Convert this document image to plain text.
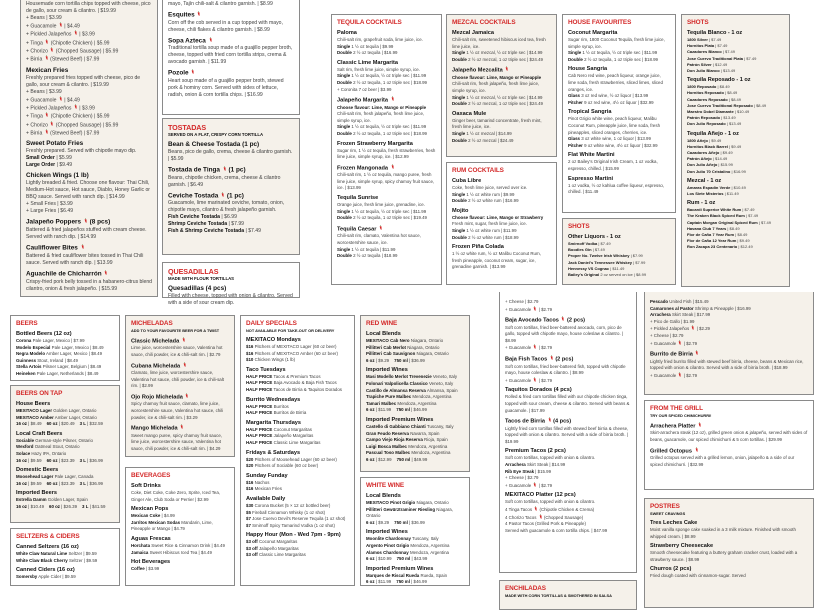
Housemade corn tortilla chips topped with cheese, pico de gallo, sour cream & cilantro. | $19.99
+ Beans | $3.99
+ Guacamole | $4.49
+ Pickled Jalapeños | $3.99
+ Tinga (Chipotle Chicken) | $5.99
+ Chorizo (Chopped Sausage) | $5.99
+ Birria (Stewed Beef) | $7.99
Mexican Fries
Freshly prepared fries topped with cheese, pico de gallo, sour cream & cilantro. | $19.99
+ Beans | $3.99
+ Guacamole | $4.49
+ Pickled Jalapeños | $3.99
+ Tinga (Chipotle Chicken) | $5.99
+ Chorizo (Chopped Sausage) | $5.99
+ Birria (Stewed Beef) | $7.99
Sweet Potato Fries
Freshly prepared. Served with chipotle mayo dip.
Small Order | $5.99
Large Order | $9.49
Chicken Wings (1 lb)
Lightly breaded & fried. Choose one flavour: Thai Chili, Medium-Hot sauce, Hot sauce, Diablo, Honey Garlic or BBQ sauce. Served with ranch dip. | $14.99
+ Small Fries | $3.99
+ Large Fries | $6.49
Jalapeño Poppers (8 pcs)
Battered & fried jalapeños stuffed with cream cheese. Served with ranch dip. | $14.99
Cauliflower Bites
Battered & fried cauliflower bites tossed in Thai Chili sauce. Served with ranch dip. | $13.99
Aguachile de Chicharrón
Crispy-fried pork belly tossed in a habanero-citrus blend cilantro, onion & fresh jalapeño. | $15.99
mayo, Tajín chili-salt & cilantro garnish. | $8.99
Esquites
Corn off the cob served in a cup topped with mayo, cheese, chili flakes & cilantro garnish. | $8.99
Sopa Azteca
Traditional tortilla soup made of a guajillo pepper broth, cheese, topped with fried corn tortilla strips, crema & avocado garnish. | $11.99
Pozole
Heart soup made of a guajillo pepper broth, stewed pork & hominy corn. Served with sides of lettuce, radish, onion & corn tortilla chips. | $16.99
TOSTADAS
SERVED ON A FLAT, CRISPY CORN TORTILLA
Bean & Cheese Tostada (1 pc)
Beans, pico de gallo, crema, cheese & cilantro garnish. | $5.99
Tostada de Tinga (1 pc)
Beans, chipotle chicken, crema, cheese & cilantro garnish. | $6.49
Ceviche Tostada (1 pc)
Guacamole, lime marinated ceviche, tomato, onion, chipotle mayo, cilantro & fresh jalapeño garnish.
Fish Ceviche Tostada | $6.99
Shrimp Ceviche Tostada | $7.99
Fish & Shrimp Ceviche Tostada | $7.49
QUESADILLAS
MADE WITH FLOUR TORTILLAS
Quesadillas (4 pcs)
Filled with cheese, topped with onion & cilantro. Served with a side of sour cream dip.
TEQUILA COCKTAILS
Paloma
Chili-salt rim, grapefruit soda, lime juice, ice.
Single 1 ½ oz tequila | $9.99
Double 2 ½ oz tequila | $16.99
Classic Lime Margarita
Salt rim, fresh lime juice, simple syrup, ice.
Single 1 ½ oz tequila, ½ oz triple sec | $11.99
Double 2 ½ oz tequila, 1 oz triple sec | $18.99
+ Coronita 7 oz beer | $3.99
Jalapeño Margarita
Choose flavour: Lime, Mango or Pineapple
Chili-salt rim, fresh jalapeño, fresh lime juice, simple syrup, ice.
Single 1 ½ oz tequila, ½ oz triple sec | $11.99
Double 2 ½ oz tequila, 1 oz triple sec | $18.99
Frozen Strawberry Margarita
Sugar rim, 1 ½ oz tequila, fresh strawberries, fresh lime juice, simple syrup, ice. | $12.99
Frozen Mangonada
Chili-salt rim, 1 ½ oz tequila, mango puree, fresh lime juice, simple syrup, spicy chamoy fruit sauce, ice. | $13.99
Tequila Sunrise
Orange juice, fresh lime juice, grenadine, ice.
Single 1 ½ oz tequila, ½ oz triple sec | $11.99
Double 2 ½ oz tequila, 1 oz triple sec | $19.49
Tequila Caesar
Chili-salt rim, clamato, Valentina hot sauce, worcestershire sauce, ice.
Single 1 ½ oz tequila | $11.99
Double 2 ½ oz tequila | $18.99
MEZCAL COCKTAILS
Mezcal Jamaica
Chili-salt rim, sweetened hibiscus iced tea, fresh lime juice, ice.
Single 1 ½ oz mezcal, ½ oz triple sec | $14.99
Double 2 ½ oz mezcal, 1 oz triple sec | $24.49
Jalapeño Mezcalita
Choose flavour: Lime, Mango or Pineapple
Chili-salt rim, fresh jalapeño, fresh lime juice, simple syrup, ice.
Single 1 ½ oz mezcal, ½ oz triple sec | $14.99
Double 2 ½ oz mezcal, 1 oz triple sec | $24.49
Oaxaca Mule
Ginger beer, tamarind concentrate, fresh mint, fresh lime juice, ice.
Single 1 ½ oz mezcal | $14.99
Double 2 ½ oz mezcal | $24.49
RUM COCKTAILS
Cuba Libre
Coke, fresh lime juice, served over ice.
Single 1 ½ oz white rum | $9.99
Double 2 ½ oz white rum | $16.99
Mojito
Choose flavour: Lime, Mango or Strawberry
Fresh mint, sugar, fresh lime juice, ice.
Single 1 ½ oz white rum | $11.99
Double 2 ½ oz white rum | $18.99
Frozen Piña Colada
1 ½ oz white rum, ½ oz Malibu Coconut Rum, fresh pineapple, coconut cream, sugar, ice, grenadine garnish. | $13.99
HOUSE FAVOURITES
Coconut Margarita
Sugar rim, 1800 Coconut Tequila, fresh lime juice, simple syrup, ice.
Single 1 ½ oz tequila, ½ oz triple sec | $11.99
Double 2 ½ oz tequila, 1 oz triple sec | $18.99
House Sangria
Cab Nero red wine, peach liqueur, orange juice, lime soda, fresh strawberries, sliced limes, sliced oranges, ice.
Glass 3 oz red wine, ½ oz liquor | $13.99
Pitcher 9 oz red wine, 4½ oz liquor | $32.99
Tropical Sangria
Pinot Grigio white wine, peach liqueur, Malibu Coconut Rum, pineapple juice, lime soda, fresh pineapples, sliced oranges, cherries, ice.
Glass 3 oz white wine, 1 oz liquor | $13.99
Pitcher 9 oz white wine, 4½ oz liquor | $32.99
Flat White Martini
2 oz Bailey's Original Irish Cream, 1 oz vodka, espresso, chilled. | $15.99
Espresso Martini
1 oz vodka, ½ oz kahlua coffee liqueur, espresso, chilled. | $11.49
SHOTS
Other Liquors - 1 oz
Smirnoff Vodka | $7.49
Boodles Gin | $7.49
Proper No. Twelve Irish Whiskey | $7.99
Jack Daniel's Tennessee Whiskey | $7.99
Hennessy VS Cognac | $11.49
Bailey's Original 2 oz served on ice | $8.99
SHOTS
Tequila Blanco - 1 oz
1800 Silver | $7.49
Hornitos Plata | $7.49
Cazadores Blanco | $7.49
Jose Cuervo Traditional Plata | $7.49
Patrón Silver | $12.49
Don Julio Blanco | $13.49
Tequila Reposado - 1 oz
1800 Reposado | $8.49
Hornitos Reposado | $8.49
Cazadores Reposado | $8.49
Jose Cuervo Traditional Reposado | $8.49
Maestro Dobel Diamante | $10.49
Patrón Reposado | $13.49
Don Julio Reposado | $13.49
Tequila Añejo - 1 oz
1800 Añejo | $9.49
Hornitos Black Barrel | $9.49
Cazadores Añejo | $9.49
Patrón Añejo | $14.49
Don Julio Añejo | $15.99
Don Julio 70 Cristalino | $16.99
Mezcal - 1 oz
Amaras Espadín Verde | $10.49
Los Siete Misterios | $11.49
Rum - 1 oz
Bacardi Superior White Rum | $7.49
The Kraken Black Spiced Rum | $7.49
Captain Morgan Original Spiced Rum | $7.49
Havana Club 7 Years | $8.49
Flor de Caña 7 Year Rum | $8.49
Flor de Caña 12 Year Rum | $9.49
Ron Zacapa 23 Centenario | $12.49
BEERS
Bottled Beers (12 oz)
Corona Pale Lager, Mexico | $7.99
Modelo Especial Pale Lager, Mexico | $8.49
Negra Modelo Amber Lager, Mexico | $8.49
Guinness Stout, Ireland | $8.49
Stella Artois Pilsner Lager, Belgium | $8.49
Heineken Pale Lager, Netherlands | $8.49
BEERS ON TAP
House Beers
MEXITACO Lager Golden Lager, Ontario
MEXITACO Amber Amber Lager, Ontario
16 oz | $8.49 60 oz | $20.49 3 L | $32.59
Local Craft Beers
Sociable German-style Pilsner, Ontario
Wexford Oatmeal Stout, Ontario
Solace Hazy IPA, Ontario
16 oz | $9.59 60 oz | $23.39 3 L | $36.99
Domestic Beers
Moosehead Lager Pale Lager, Canada
16 oz | $9.59 60 oz | $23.39 3 L | $36.99
Imported Beers
Estrella Damm Golden Lager, Spain
16 oz | $10.49 60 oz | $26.39 3 L | $41.59
SELTZERS & CIDERS
Canned Seltzers (16 oz)
White Claw Natural Lime Seltzer | $9.59
White Claw Black Cherry Seltzer | $9.59
Canned Ciders (16 oz)
Somersby Apple Cider | $9.59
MICHELADAS
ADD TO YOUR FAVOURITE BEER FOR A TWIST
Classic Michelada
Lime juice, worcestershire sauce, Valentina hot sauce, chili powder, ice & chili-salt rim. | $2.79
Cubana Michelada
Clamato, lime juice, worcestershire sauce, Valentina hot sauce, chili powder, ice & chili-salt rim. | $2.99
Ojo Rojo Michelada
Spicy chamoy fruit sauce, clamato, lime juice, worcestershire sauce, Valentina hot sauce, chili powder, ice & chili-salt rim. | $3.29
Mango Michelada
Sweet mango puree, spicy chamoy fruit sauce, lime juice, worcestershire sauce, Valentina hot sauce, chili powder, ice & chili-salt rim. | $4.29
BEVERAGES
Soft Drinks
Coke, Diet Coke, Coke Zero, Sprite, Iced Tea, Ginger Ale, Club Soda or Perrier | $2.99
Mexican Pops
Mexican Coke | $4.99
Jarritos Mexican Sodas Mandarin, Lime, Pineapple or Mango | $4.79
Aguas Frescas
Horchata Sweet Rice & Cinnamon Drink | $4.49
Jamaica Sweet Hibiscus Iced Tea | $4.49
Hot Beverages
Coffee | $3.99
DAILY SPECIALS
NOT AVAILABLE FOR TAKE-OUT OR DELIVERY
MEXITACO Mondays
$16 Pitchers of MEXITACO Lager (60 oz beer)
$16 Pitchers of MEXITACO Amber (60 oz beer)
$10 Chicken Wings (1 lb)
Taco Tuesdays
HALF PRICE Tacos & Premium Tacos
HALF PRICE Baja Avocado & Baja Fish Tacos
HALF PRICE Tacos de Birria & Taquitos Dorados
Burrito Wednesdays
HALF PRICE Burritos
HALF PRICE Burritos de Birria
Margarita Thursdays
HALF PRICE Coconut Margaritas
HALF PRICE Jalapeño Margaritas
HALF PRICE Classic Lime Margaritas
Fridays & Saturdays
$20 Pitchers of Moosehead Lager (60 oz beer)
$20 Pitchers of Sociable (60 oz beer)
Sunday Funday
$16 Nachos
$16 Mexican Fries
Available Daily
$30 Corona Bucket (5 × 12 oz bottled beer)
$5 Fireball Cinnamon Whisky (1 oz shot)
$7 Jose Cuervo Devil's Reserve Tequila (1 oz shot)
$7 Smirnoff Spicy Tamarind Vodka (1 oz shot)
Happy Hour (Mon - Wed 7pm - 9pm)
$3 off Coconut Margaritas
$3 off Jalapeño Margaritas
$3 off Classic Lime Margaritas
RED WINE
Local Blends
MEXITACO Cab Nero Niagara, Ontario
Pillitteri Cab Merlot Niagara, Ontario
Pillitteri Cab Sauvignon Niagara, Ontario
6 oz | $9.29 750 ml | $36.99
Imported Wines
Masi Modello Merlot Trevenezie Veneto, Italy
Folonari Valpolicella Classico Veneto, Italy
Castillo de Almansa Reserva Almansa, Spain
Trapiche Pure Malbec Mendoza, Argentina
Tamari Malbec Mendoza, Argentina
6 oz | $11.99 750 ml | $46.99
Imported Premium Wines
Castello di Gabbiano Chianti Tuscany, Italy
Gran Feudo Reserva Navarra, Spain
Campo Viejo Rioja Reserva Rioja, Spain
Luigi Bosca Malbec Mendoza, Argentina
Pascual Toso Malbec Mendoza, Argentina
6 oz | $12.99 750 ml | $49.99
WHITE WINE
Local Blends
MEXITACO Pinot Grigio Niagara, Ontario
Pillitteri Gewürztraminer Riesling Niagara, Ontario
6 oz | $9.29 750 ml | $36.99
Imported Wines
Moonlite Chardonnay Tuscany, Italy
Argento Pinot Grigio Mendoza, Argentina
Alamos Chardonnay Mendoza, Argentina
6 oz | $10.99 750 ml | $43.99
Imported Premium Wines
Marques de Riscal Rueda Rueda, Spain
6 oz | $11.99 750 ml | $46.99
+ Cheese | $2.79
+ Guacamole | $2.79
Baja Avocado Tacos (2 pcs)
Soft corn tortillas, fried beer-battered avocado, corn, pico de gallo, topped with chipotle mayo, house coleslaw & cilantro. | $8.99
+ Guacamole | $2.79
Baja Fish Tacos (2 pcs)
Soft corn tortillas, fried beer-battered fish, topped with chipotle mayo, house coleslaw & cilantro. | $8.99
+ Guacamole | $2.79
Taquitos Dorados (4 pcs)
Rolled & fried corn tortillas filled with our chipotle chicken tinga, topped with sour cream, cheese & cilantro. Served with beans & guacamole. | $17.99
Tacos de Birria (4 pcs)
Lightly fried corn tortillas filled with stewed beef birria & cheese, topped with onion & cilantro. Served with a side of birria broth. | $19.99
Premium Tacos (2 pcs)
Soft corn tortillas, topped with onion & cilantro.
Arrachera Skirt Steak | $14.99
Rib Eye Steak | $15.99
+ Cheese | $2.79
+ Guacamole | $2.79
MEXITACO Platter (12 pcs)
Soft corn tortillas, topped with onion & cilantro.
4 Tinga Tacos (Chipotle Chicken & Crema)
4 Chorizo Tacos (Chopped Sausage)
4 Pastor Tacos (Grilled Pork & Pineapple)
Served with guacamole & corn tortilla chips. | $47.99
ENCHILADAS
MADE WITH CORN TORTILLAS & SMOTHERED IN SALSA
Pescado United Fish | $15.49
Camarones al Pastor Shrimp & Pineapple | $16.99
Arrachera Skirt Steak | $17.99
+ Pico de Gallo | $1.99
+ Pickled Jalapeños | $2.29
+ Cheese | $2.79
+ Guacamole | $2.79
Burrito de Birria
Lightly fried burrito filled with stewed beef birria, cheese, beans & Mexican rice, topped with onion & cilantro. Served with a side of birria broth. | $18.99
+ Guacamole | $2.79
FROM THE GRILL
TRY OUR SPICED CHIMICHURRI!
Arrachera Platter
Skirt-arrachera steak (12 oz), grilled green onion & jalapeño, served with sides of beans, guacamole, our spiced chimichurri & 5 corn tortillas. | $29.99
Grilled Octopus
Grilled octopus served with a grilled lemon, onion, jalapeño & a side of our spiced chimichurri. | $32.99
POSTRES
SWEET CRAVINGS
Tres Leches Cake
Moist vanilla sponge cake soaked in a 3 milk mixture. Finished with smooth whipped cream. | $8.99
Strawberry Cheesecake
Smooth cheesecake featuring a buttery graham cracker crust, loaded with a strawberry sauce. | $8.99
Churros (2 pcs)
Fried dough coated with cinnamon-sugar. Served
